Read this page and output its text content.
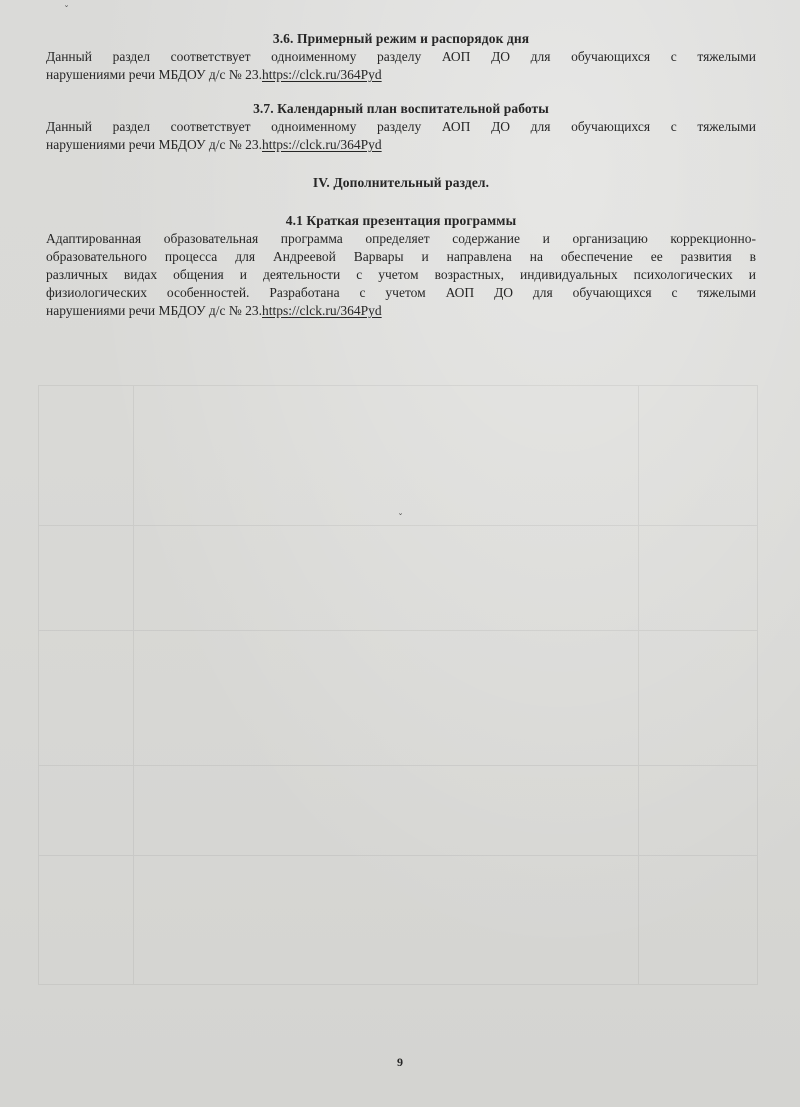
ˇ
ˇ
3.6. Примерный режим и распорядок дня

Данный раздел соответствует одноименному разделу АОП ДО для обучающихся с тяжелыми
нарушениями речи МБДОУ д/с № 23.https://clck.ru/364Pyd

3.7. Календарный план воспитательной работы

Данный раздел соответствует одноименному разделу АОП ДО для обучающихся с тяжелыми
нарушениями речи МБДОУ д/с № 23.https://clck.ru/364Pyd

IV. Дополнительный раздел.
4.1 Краткая презентация программы

Адаптированная образовательная программа определяет содержание и организацию коррекционно-
образовательного процесса для Андреевой Варвары и направлена на обеспечение ее развития в
различных видах общения и деятельности с учетом возрастных, индивидуальных психологических и
физиологических особенностей. Разработана с учетом АОП ДО для обучающихся с тяжелыми
нарушениями речи МБДОУ д/с № 23.https://clck.ru/364Pyd

9
